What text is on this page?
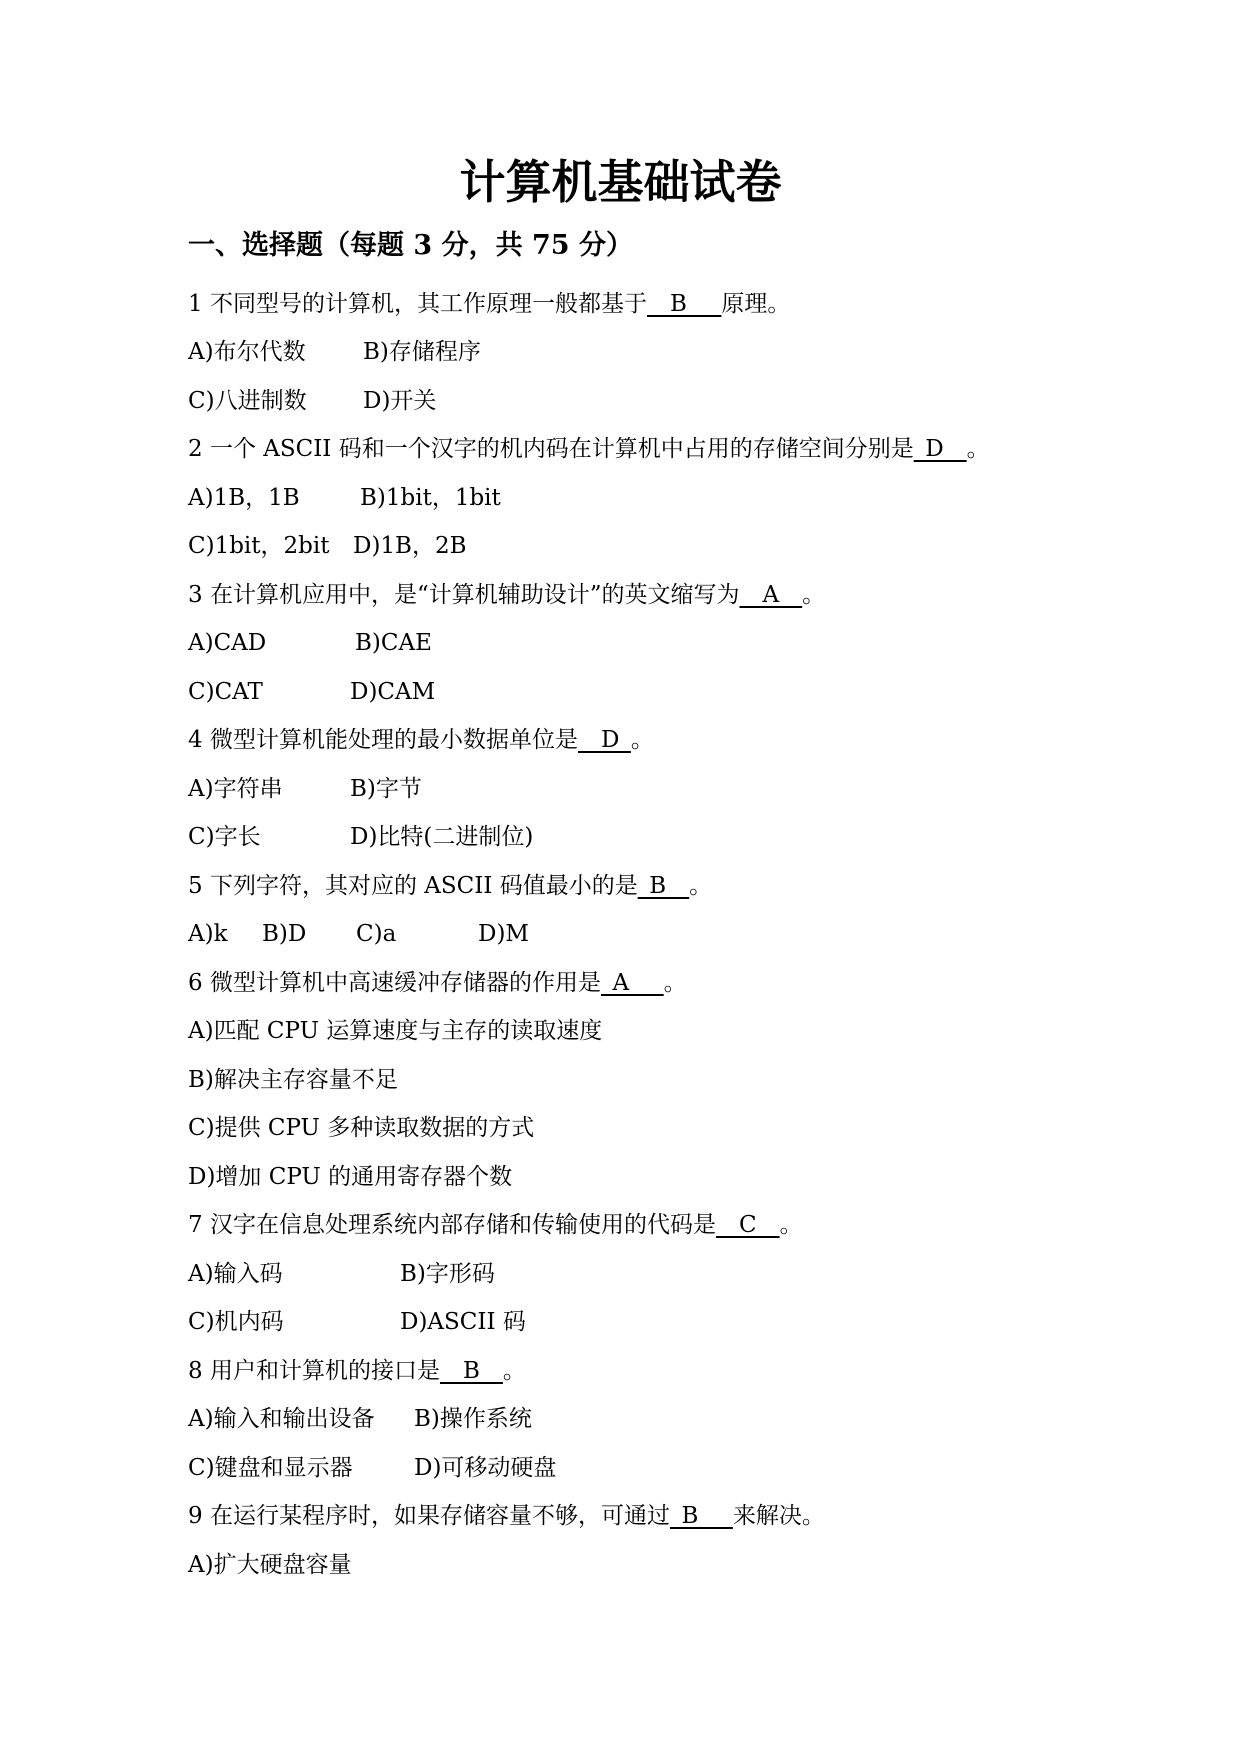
计算机基础试卷
一、选择题（每题 3 分，共 75 分）
1 不同型号的计算机，其工作原理一般都基于__B___原理。
A)布尔代数 B)存储程序
C)八进制数 D)开关
2 一个 ASCII 码和一个汉字的机内码在计算机中占用的存储空间分别是_D__。
A)1B，1B	B)1bit，1bit
C)1bit，2bit D)1B，2B
3 在计算机应用中，是“计算机辅助设计”的英文缩写为__A__。
A)CAD	B)CAE
C)CAT	D)CAM
4 微型计算机能处理的最小数据单位是__D_。
A)字符串	B)字节
C)字长	D)比特(二进制位)
5 下列字符，其对应的 ASCII 码值最小的是_B__。
A)k B)D C)a	D)M
6 微型计算机中高速缓冲存储器的作用是_A___。
A)匹配 CPU 运算速度与主存的读取速度
B)解决主存容量不足
C)提供 CPU 多种读取数据的方式
D)增加 CPU 的通用寄存器个数
7 汉字在信息处理系统内部存储和传输使用的代码是__C__。
A)输入码	B)字形码
C)机内码	D)ASCII 码
8 用户和计算机的接口是__B__。
A)输入和输出设备 B)操作系统
C)键盘和显示器	D)可移动硬盘
9 在运行某程序时，如果存储容量不够，可通过_B___来解决。
A)扩大硬盘容量
